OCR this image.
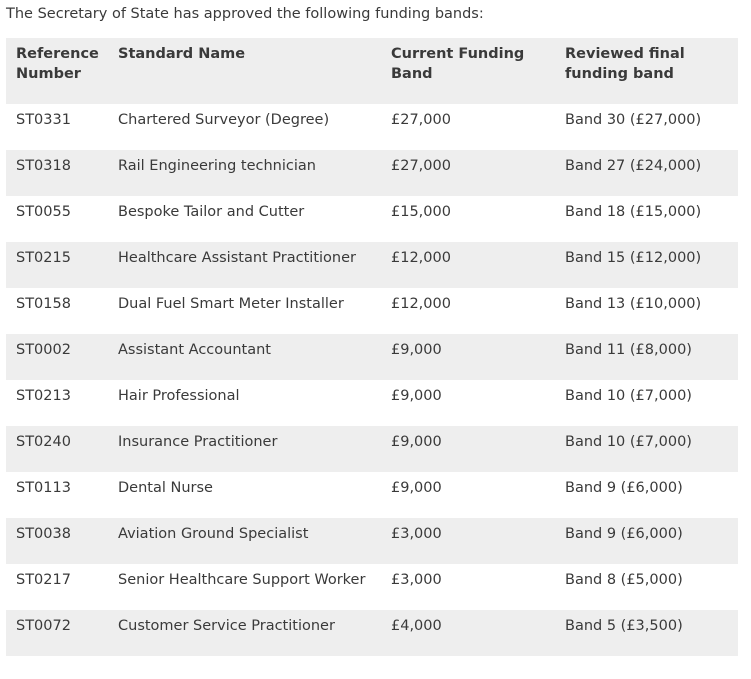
The Secretary of State has approved the following funding bands:

Reference Number	Standard Name	Current Funding Band	Reviewed final funding band
ST0331	Chartered Surveyor (Degree)	£27,000	Band 30 (£27,000)
ST0318	Rail Engineering technician	£27,000	Band 27 (£24,000)
ST0055	Bespoke Tailor and Cutter	£15,000	Band 18 (£15,000)
ST0215	Healthcare Assistant Practitioner	£12,000	Band 15 (£12,000)
ST0158	Dual Fuel Smart Meter Installer	£12,000	Band 13 (£10,000)
ST0002	Assistant Accountant	£9,000	Band 11 (£8,000)
ST0213	Hair Professional	£9,000	Band 10 (£7,000)
ST0240	Insurance Practitioner	£9,000	Band 10 (£7,000)
ST0113	Dental Nurse	£9,000	Band 9 (£6,000)
ST0038	Aviation Ground Specialist	£3,000	Band 9 (£6,000)
ST0217	Senior Healthcare Support Worker	£3,000	Band 8 (£5,000)
ST0072	Customer Service Practitioner	£4,000	Band 5 (£3,500)
